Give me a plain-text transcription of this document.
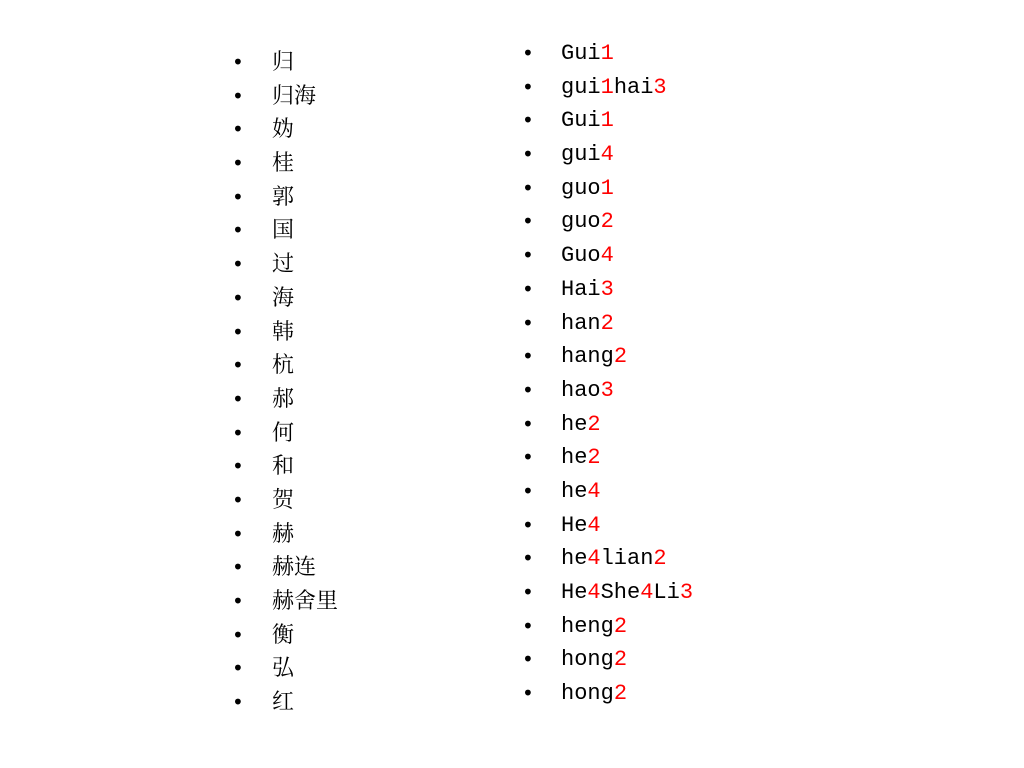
• 归
• 归海
• 妫
• 桂
• 郭
• 国
• 过
• 海
• 韩
• 杭
• 郝
• 何
• 和
• 贺
• 赫
• 赫连
• 赫舍里
• 衡
• 弘
• 红
• Gui1
• gui1hai3
• Gui1
• gui4
• guo1
• guo2
• Guo4
• Hai3
• han2
• hang2
• hao3
• he2
• he2
• he4
• He4
• he4lian2
• He4She4Li3
• heng2
• hong2
• hong2
